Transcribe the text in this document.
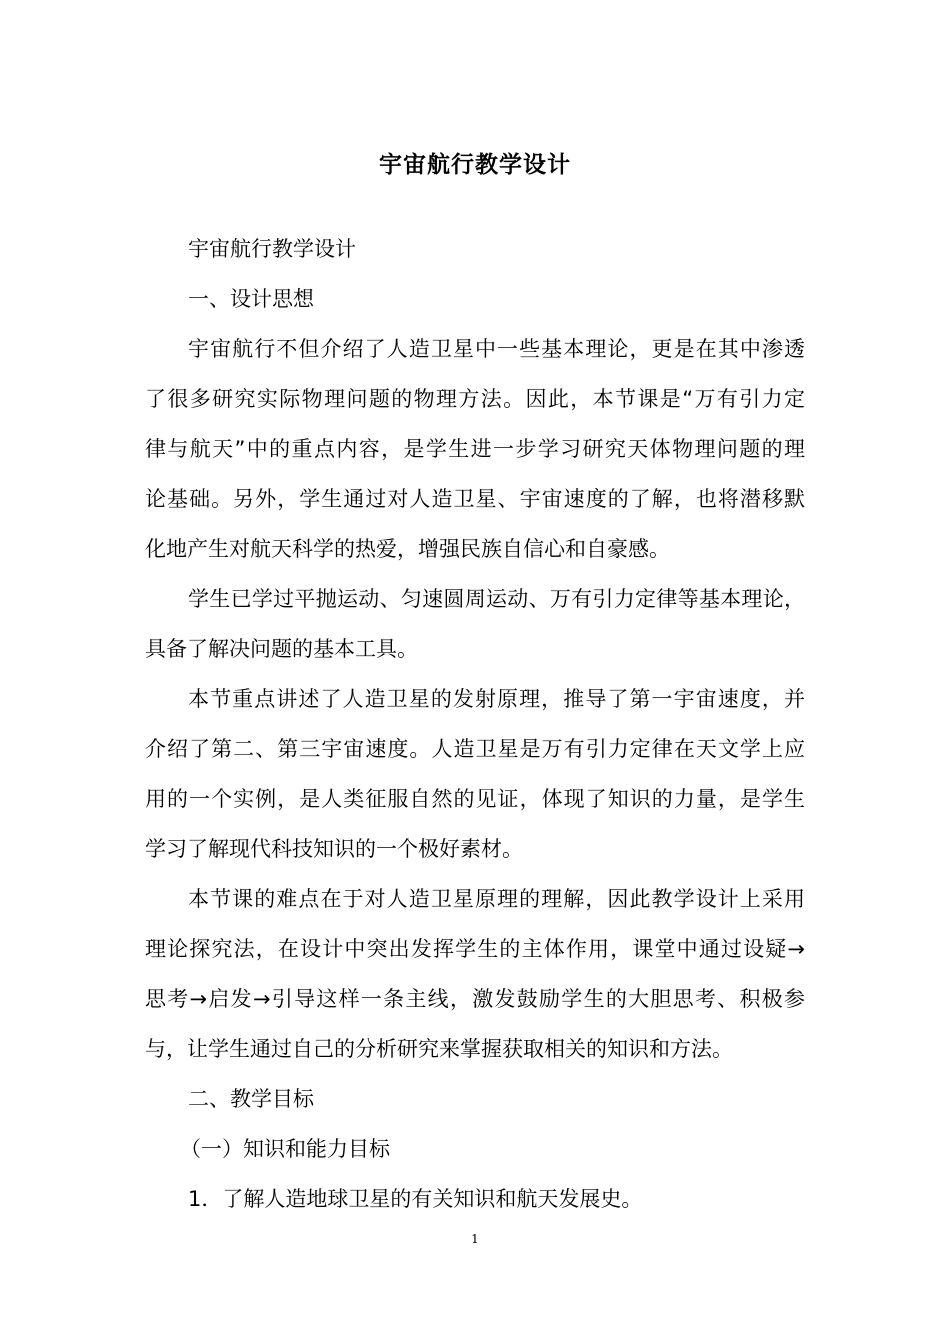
宇宙航行教学设计
宇宙航行教学设计
一、设计思想
宇宙航行不但介绍了人造卫星中一些基本理论，更是在其中渗透
了很多研究实际物理问题的物理方法。因此，本节课是“万有引力定
律与航天”中的重点内容，是学生进一步学习研究天体物理问题的理
论基础。另外，学生通过对人造卫星、宇宙速度的了解，也将潜移默
化地产生对航天科学的热爱，增强民族自信心和自豪感。
学生已学过平抛运动、匀速圆周运动、万有引力定律等基本理论，
具备了解决问题的基本工具。
本节重点讲述了人造卫星的发射原理，推导了第一宇宙速度，并
介绍了第二、第三宇宙速度。人造卫星是万有引力定律在天文学上应
用的一个实例，是人类征服自然的见证，体现了知识的力量，是学生
学习了解现代科技知识的一个极好素材。
本节课的难点在于对人造卫星原理的理解，因此教学设计上采用
理论探究法，在设计中突出发挥学生的主体作用，课堂中通过设疑→
思考→启发→引导这样一条主线，激发鼓励学生的大胆思考、积极参
与，让学生通过自己的分析研究来掌握获取相关的知识和方法。
二、教学目标
（一）知识和能力目标
1．了解人造地球卫星的有关知识和航天发展史。
1
